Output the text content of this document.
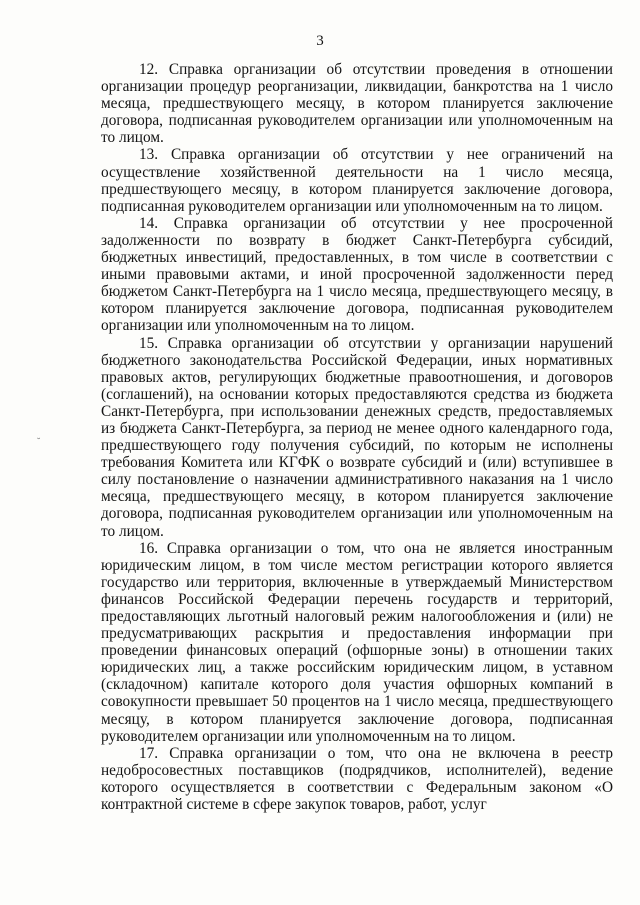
3
˘

12. Справка организации об отсутствии проведения в отношении организации процедур реорганизации, ликвидации, банкротства на 1 число месяца, предшествующего месяцу, в котором планируется заключение договора, подписанная руководителем организации или уполномоченным на то лицом.

13. Справка организации об отсутствии у нее ограничений на осуществление хозяйственной деятельности на 1 число месяца, предшествующего месяцу, в котором планируется заключение договора, подписанная руководителем организации или уполномоченным на то лицом.

14. Справка организации об отсутствии у нее просроченной задолженности по возврату в бюджет Санкт-Петербурга субсидий, бюджетных инвестиций, предоставленных, в том числе в соответствии с иными правовыми актами, и иной просроченной задолженности перед бюджетом Санкт-Петербурга на 1 число месяца, предшествующего месяцу, в котором планируется заключение договора, подписанная руководителем организации или уполномоченным на то лицом.

15. Справка организации об отсутствии у организации нарушений бюджетного законодательства Российской Федерации, иных нормативных правовых актов, регулирующих бюджетные правоотношения, и договоров (соглашений), на основании которых предоставляются средства из бюджета Санкт-Петербурга, при использовании денежных средств, предоставляемых из бюджета Санкт-Петербурга, за период не менее одного календарного года, предшествующего году получения субсидий, по которым не исполнены требования Комитета или КГФК о возврате субсидий и (или) вступившее в силу постановление о назначении административного наказания на 1 число месяца, предшествующего месяцу, в котором планируется заключение договора, подписанная руководителем организации или уполномоченным на то лицом.

16. Справка организации о том, что она не является иностранным юридическим лицом, в том числе местом регистрации которого является государство или территория, включенные в утверждаемый Министерством финансов Российской Федерации перечень государств и территорий, предоставляющих льготный налоговый режим налогообложения и (или) не предусматривающих раскрытия и предоставления информации при проведении финансовых операций (офшорные зоны) в отношении таких юридических лиц, а также российским юридическим лицом, в уставном (складочном) капитале которого доля участия офшорных компаний в совокупности превышает 50 процентов на 1 число месяца, предшествующего месяцу, в котором планируется заключение договора, подписанная руководителем организации или уполномоченным на то лицом.

17. Справка организации о том, что она не включена в реестр недобросовестных поставщиков (подрядчиков, исполнителей), ведение которого осуществляется в соответствии с Федеральным законом «О контрактной системе в сфере закупок товаров, работ, услуг
